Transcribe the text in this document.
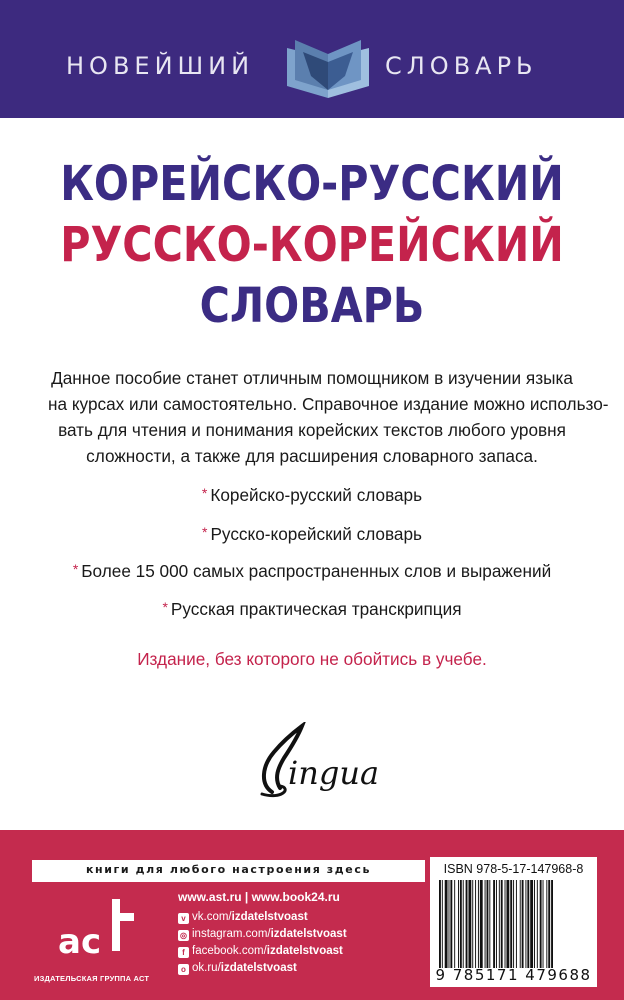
НОВЕЙШИЙ	СЛОВАРЬ
КОРЕЙСКО-РУССКИЙ
РУССКО-КОРЕЙСКИЙ
СЛОВАРЬ
Данное пособие станет отличным помощником в изучении языка
на курсах или самостоятельно. Справочное издание можно использо-
вать для чтения и понимания корейских текстов любого уровня
сложности, а также для расширения словарного запаса.
* Корейско-русский словарь
* Русско-корейский словарь
* Более 15 000 самых распространенных слов и выражений
* Русская практическая транскрипция
Издание, без которого не обойтись в учебе.
ingua
книги для любого настроения здесь
ac
ИЗДАТЕЛЬСКАЯ ГРУППА АСТ
www.ast.ru | www.book24.ru
v vk.com/izdatelstvoast
◎ instagram.com/izdatelstvoast
f facebook.com/izdatelstvoast
o ok.ru/izdatelstvoast
ISBN 978-5-17-147968-8
9 785171 479688
